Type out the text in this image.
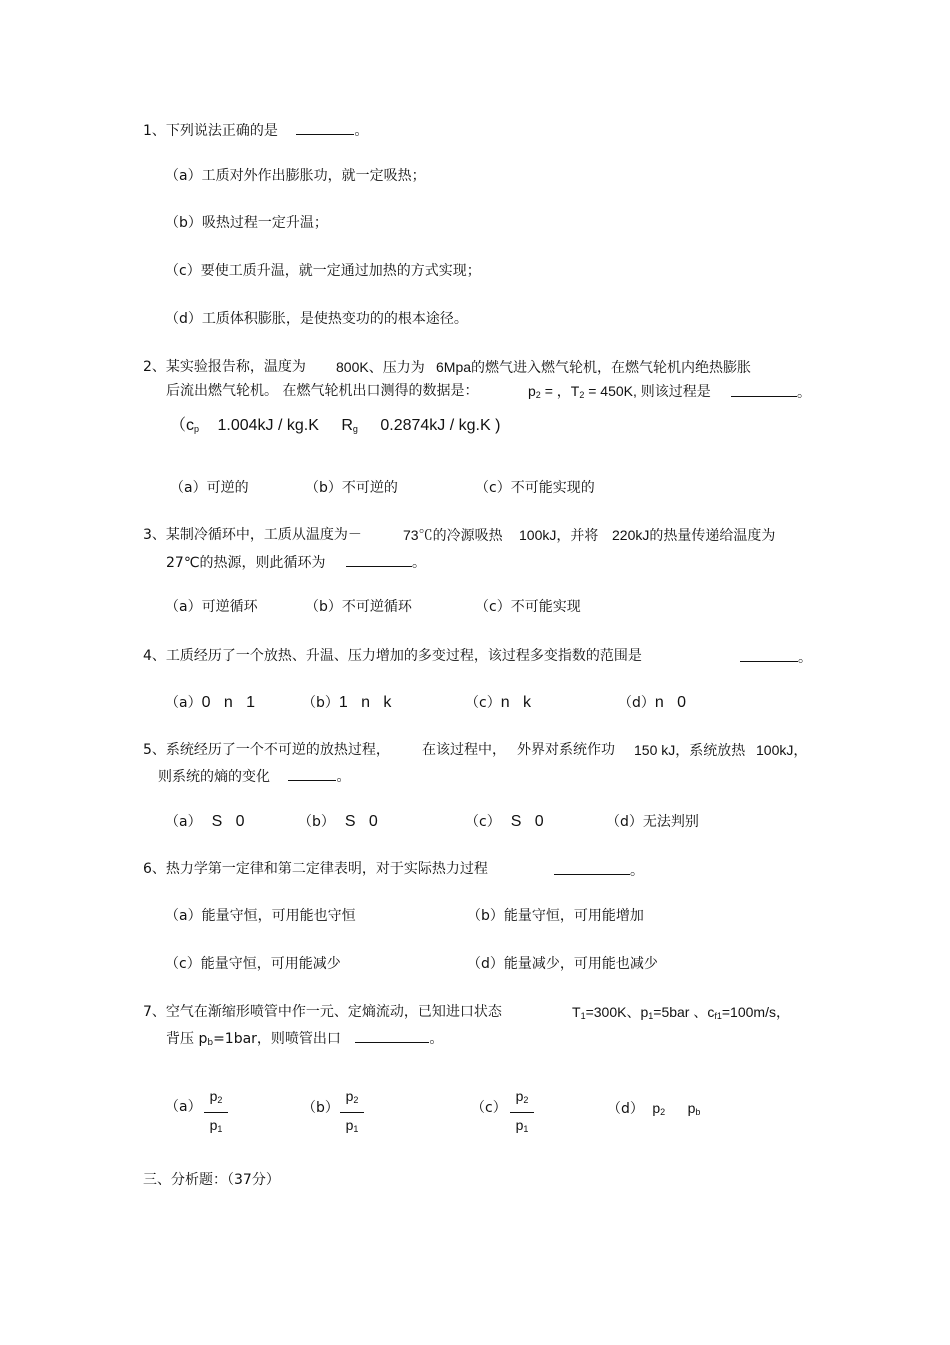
1、下列说法正确的是	。
（a）工质对外作出膨胀功，就一定吸热；
（b）吸热过程一定升温；
（c）要使工质升温，就一定通过加热的方式实现；
（d）工质体积膨胀，是使热变功的的根本途径。
2、某实验报告称，温度为 800K、压力为 6Mpa的燃气进入燃气轮机，在燃气轮机内绝热膨胀
后流出燃气轮机。 在燃气轮机出口测得的数据是：	$p_2$ = ，$T_2 = 450K$, 则该过程是	。
（$c_p$ 1.004kJ / kg.K $R_g$ 0.2874kJ / kg.K )
（a）可逆的	（b）不可逆的	（c）不可能实现的
3、某制冷循环中，工质从温度为－	73℃的冷源吸热 100kJ，并将 220kJ的热量传递给温度为
27℃的热源，则此循环为	。
（a）可逆循环	（b）不可逆循环	（c）不可能实现
4、工质经历了一个放热、升温、压力增加的多变过程，该过程多变指数的范围是	。
（a）0   n   1	（b）1   n   k	（c）n   k	（d）n   0
5、系统经历了一个不可逆的放热过程， 在该过程中， 外界对系统作功 150 kJ，系统放热 100kJ，
则系统的熵的变化	。
（a） S   0	（b） S   0	（c） S   0	（d）无法判别
6、热力学第一定律和第二定律表明，对于实际热力过程	。
（a）能量守恒，可用能也守恒	（b）能量守恒，可用能增加
（c）能量守恒，可用能减少	（d）能量减少，可用能也减少
7、空气在渐缩形喷管中作一元、定熵流动，已知进口状态	$T_1=300K$、$p_1=5bar$ 、$c_{f1}=100m/s$，
背压 $p_b=1bar$，则喷管出口	。
（a）
$p_2$
$p_1$
（b）
$p_2$
$p_1$
（c）
$p_2$
$p_1$
（d） $p_2$ $p_b$
三、分析题：（37分）
